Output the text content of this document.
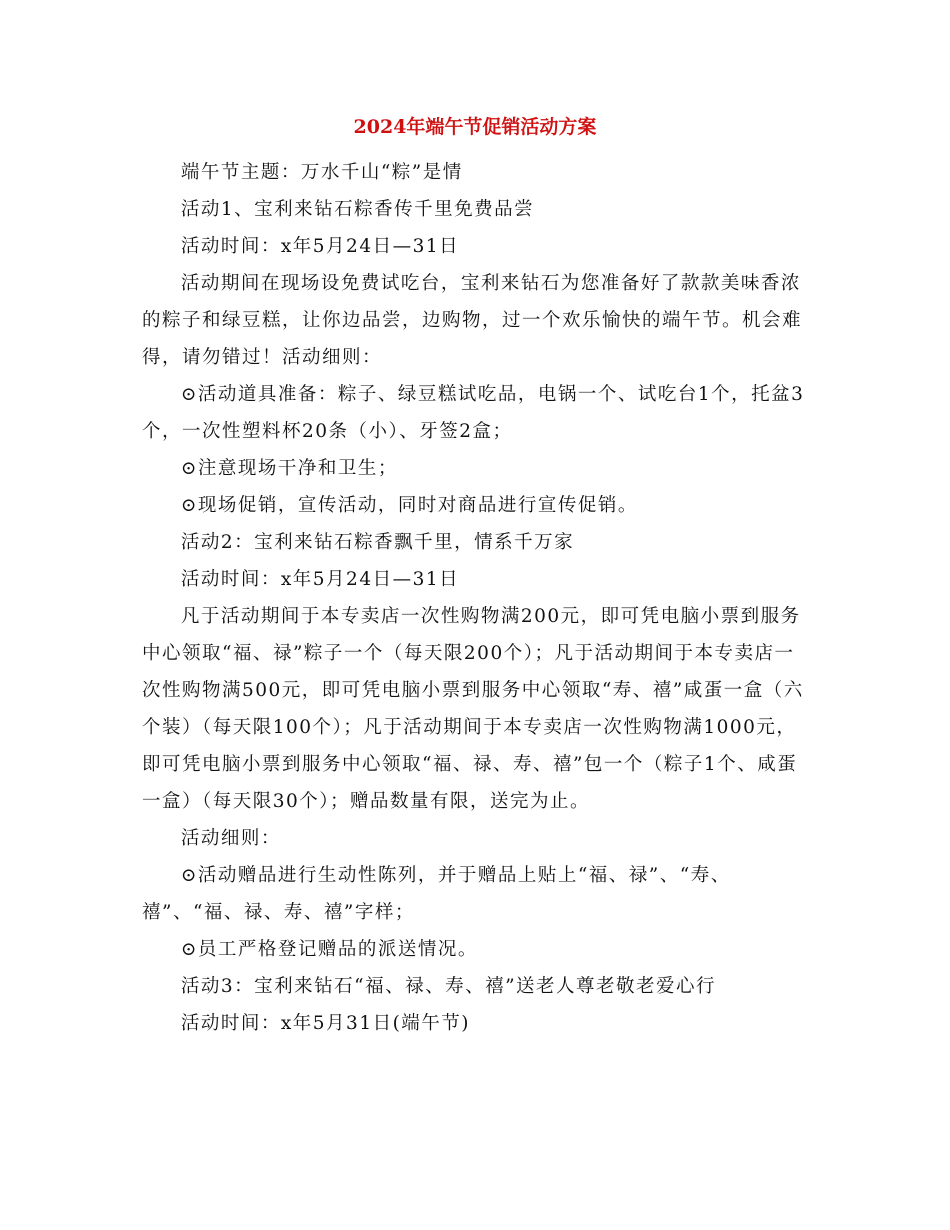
2024年端午节促销活动方案

端午节主题：万水千山“粽”是情

活动1、宝利来钻石粽香传千里免费品尝

活动时间：x年5月24日—31日

活动期间在现场设免费试吃台，宝利来钻石为您准备好了款款美味香浓的粽子和绿豆糕，让你边品尝，边购物，过一个欢乐愉快的端午节。机会难得，请勿错过！活动细则：

⊙活动道具准备：粽子、绿豆糕试吃品，电锅一个、试吃台1个，托盆3个，一次性塑料杯20条（小）、牙签2盒；

⊙注意现场干净和卫生；

⊙现场促销，宣传活动，同时对商品进行宣传促销。

活动2：宝利来钻石粽香飘千里，情系千万家

活动时间：x年5月24日—31日

凡于活动期间于本专卖店一次性购物满200元，即可凭电脑小票到服务中心领取“福、禄”粽子一个（每天限200个）；凡于活动期间于本专卖店一次性购物满500元，即可凭电脑小票到服务中心领取“寿、禧”咸蛋一盒（六个装）（每天限100个）；凡于活动期间于本专卖店一次性购物满1000元，即可凭电脑小票到服务中心领取“福、禄、寿、禧”包一个（粽子1个、咸蛋一盒）（每天限30个）；赠品数量有限，送完为止。

活动细则：

⊙活动赠品进行生动性陈列，并于赠品上贴上“福、禄”、“寿、禧”、“福、禄、寿、禧”字样；

⊙员工严格登记赠品的派送情况。

活动3：宝利来钻石“福、禄、寿、禧”送老人尊老敬老爱心行

活动时间：x年5月31日(端午节)
